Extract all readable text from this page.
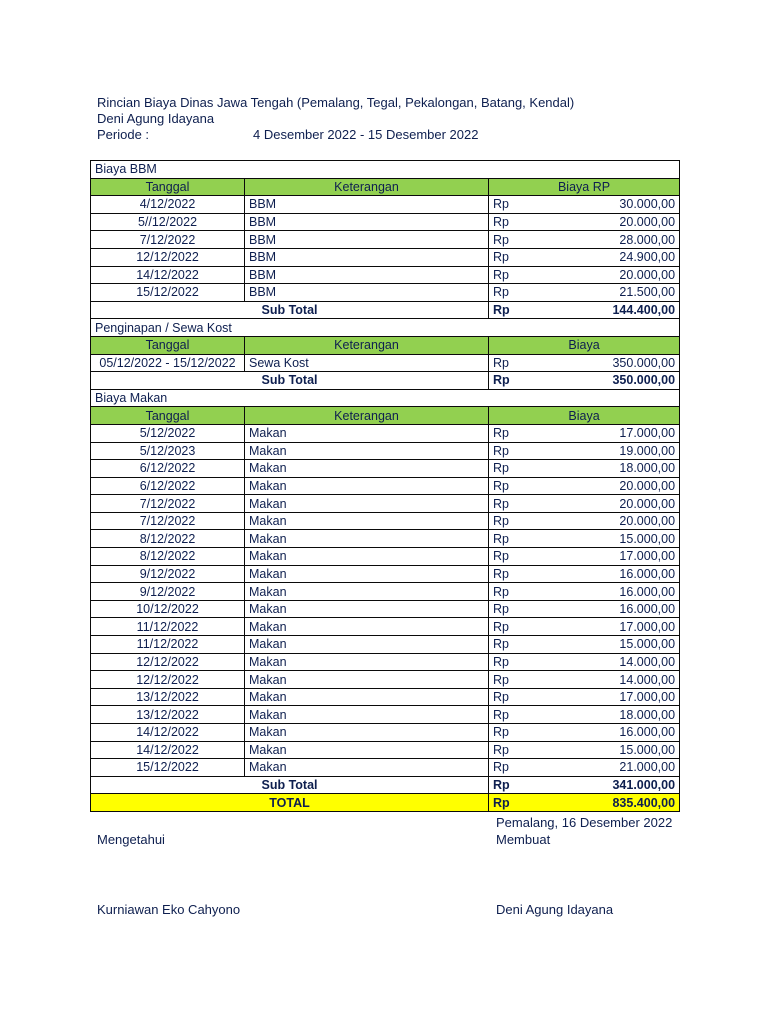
Rincian Biaya Dinas Jawa Tengah (Pemalang, Tegal, Pekalongan, Batang, Kendal)
Deni Agung Idayana
Periode :	4 Desember 2022 - 15 Desember 2022
Biaya BBM			
Tanggal	Keterangan	Biaya RP	
4/12/2022	BBM	Rp	30.000,00
5//12/2022	BBM	Rp	20.000,00
7/12/2022	BBM	Rp	28.000,00
12/12/2022	BBM	Rp	24.900,00
14/12/2022	BBM	Rp	20.000,00
15/12/2022	BBM	Rp	21.500,00
Sub Total		Rp	144.400,00
Penginapan / Sewa Kost			
Tanggal	Keterangan	Biaya	
05/12/2022 - 15/12/2022	Sewa Kost	Rp	350.000,00
Sub Total		Rp	350.000,00
Biaya Makan			
Tanggal	Keterangan	Biaya	
5/12/2022	Makan	Rp	17.000,00
5/12/2023	Makan	Rp	19.000,00
6/12/2022	Makan	Rp	18.000,00
6/12/2022	Makan	Rp	20.000,00
7/12/2022	Makan	Rp	20.000,00
7/12/2022	Makan	Rp	20.000,00
8/12/2022	Makan	Rp	15.000,00
8/12/2022	Makan	Rp	17.000,00
9/12/2022	Makan	Rp	16.000,00
9/12/2022	Makan	Rp	16.000,00
10/12/2022	Makan	Rp	16.000,00
11/12/2022	Makan	Rp	17.000,00
11/12/2022	Makan	Rp	15.000,00
12/12/2022	Makan	Rp	14.000,00
12/12/2022	Makan	Rp	14.000,00
13/12/2022	Makan	Rp	17.000,00
13/12/2022	Makan	Rp	18.000,00
14/12/2022	Makan	Rp	16.000,00
14/12/2022	Makan	Rp	15.000,00
15/12/2022	Makan	Rp	21.000,00
Sub Total		Rp	341.000,00
TOTAL		Rp	835.400,00
Pemalang, 16 Desember 2022
Membuat
Mengetahui
Kurniawan Eko Cahyono	Deni Agung Idayana
